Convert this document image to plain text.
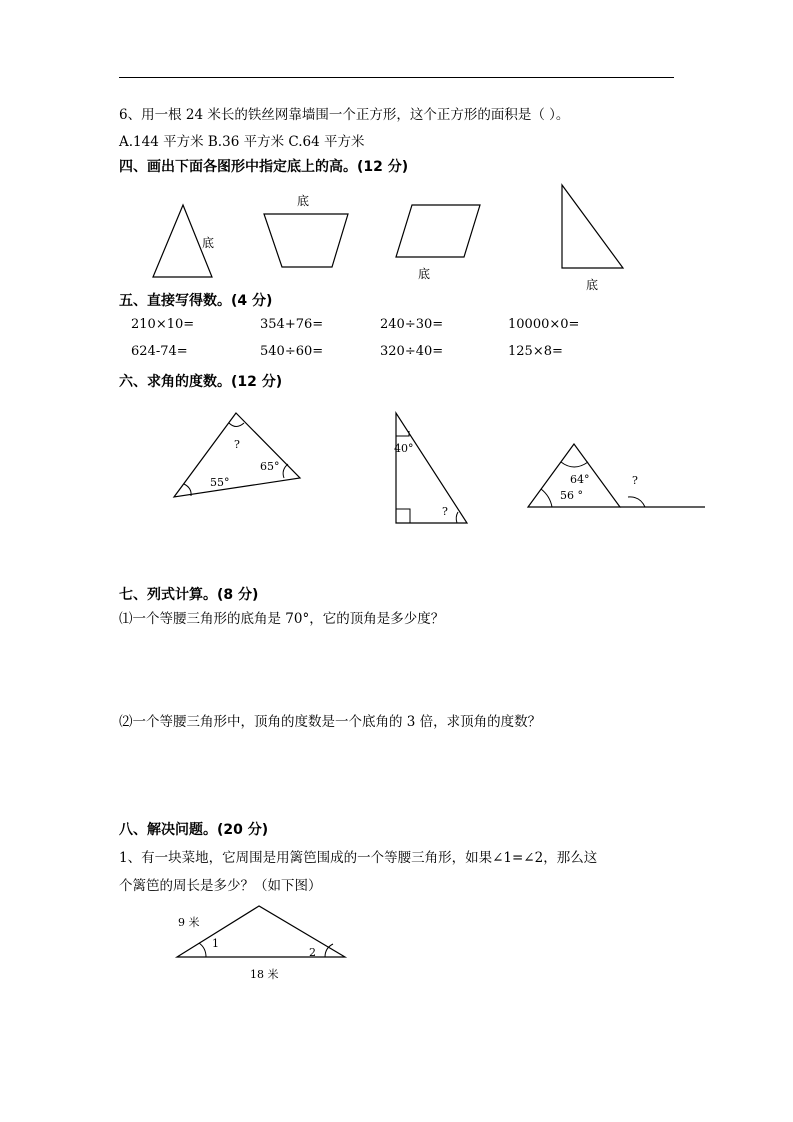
6、用一根 24 米长的铁丝网靠墙围一个正方形，这个正方形的面积是（ ）。
A.144 平方米 B.36 平方米 C.64 平方米
四、画出下面各图形中指定底上的高。(12 分)
底
底
底
底
五、直接写得数。(4 分)
210×10=	354+76=	240÷30=	10000×0=
624-74=	540÷60=	320÷40=	125×8=
六、求角的度数。(12 分)
?
65°
55°
40°
?
64°
56 °
?
七、列式计算。(8 分)
⑴一个等腰三角形的底角是 70°，它的顶角是多少度？
⑵一个等腰三角形中，顶角的度数是一个底角的 3 倍，求顶角的度数？
八、解决问题。(20 分)
1、有一块菜地，它周围是用篱笆围成的一个等腰三角形，如果∠1=∠2，那么这
个篱笆的周长是多少？（如下图）
9 米
18 米
1
2
